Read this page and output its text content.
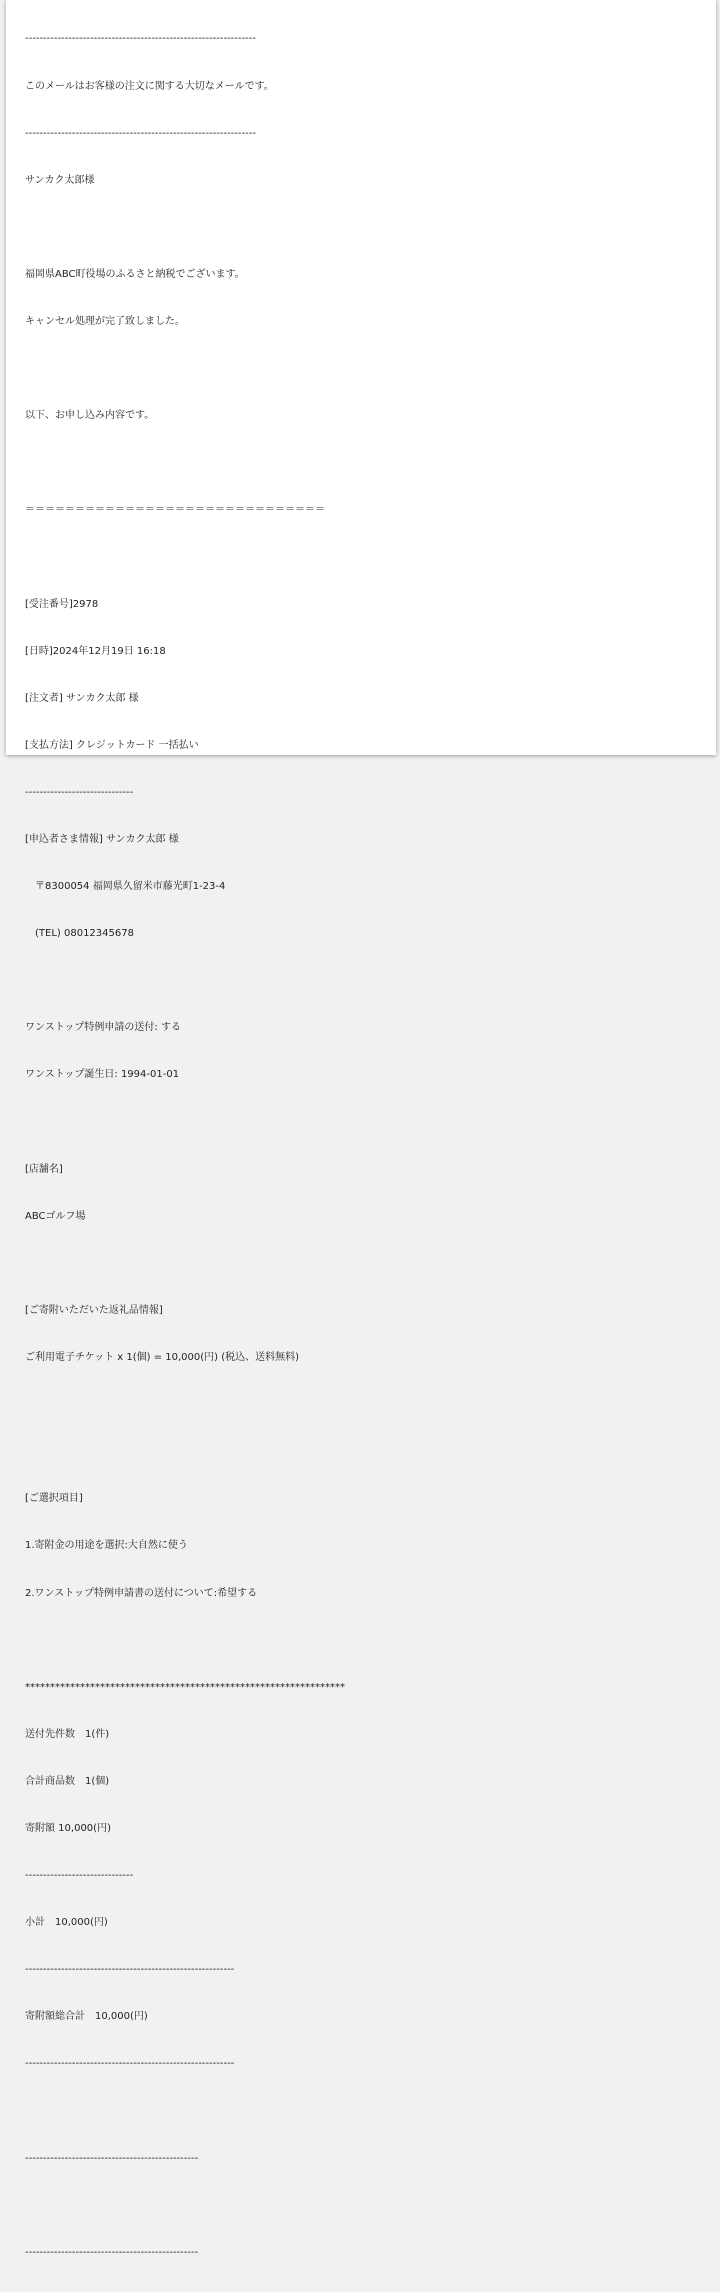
----------------------------------------------------------------

このメールはお客様の注文に関する大切なメールです。

----------------------------------------------------------------

サンカク太郎様

福岡県ABC町役場のふるさと納税でございます。

キャンセル処理が完了致しました。

以下、お申し込み内容です。

＝＝＝＝＝＝＝＝＝＝＝＝＝＝＝＝＝＝＝＝＝＝＝＝＝＝＝＝＝＝

[受注番号]2978

[日時]2024年12月19日 16:18

[注文者] サンカク太郎 様

[支払方法] クレジットカード 一括払い

------------------------------

[申込者さま情報] サンカク太郎 様

　〒8300054 福岡県久留米市藤光町1-23-4

　(TEL) 08012345678

ワンストップ特例申請の送付: する

ワンストップ誕生日: 1994-01-01

[店舗名]

ABCゴルフ場

[ご寄附いただいた返礼品情報]

ご利用電子チケット x 1(個) = 10,000(円) (税込、送料無料)

[ご選択項目]

1.寄附金の用途を選択:大自然に使う

2.ワンストップ特例申請書の送付について:希望する

****************************************************************

送付先件数　1(件)

合計商品数　1(個)

寄附額 10,000(円)

------------------------------

小計　10,000(円)

----------------------------------------------------------

寄附額総合計　10,000(円)

----------------------------------------------------------

------------------------------------------------

------------------------------------------------
